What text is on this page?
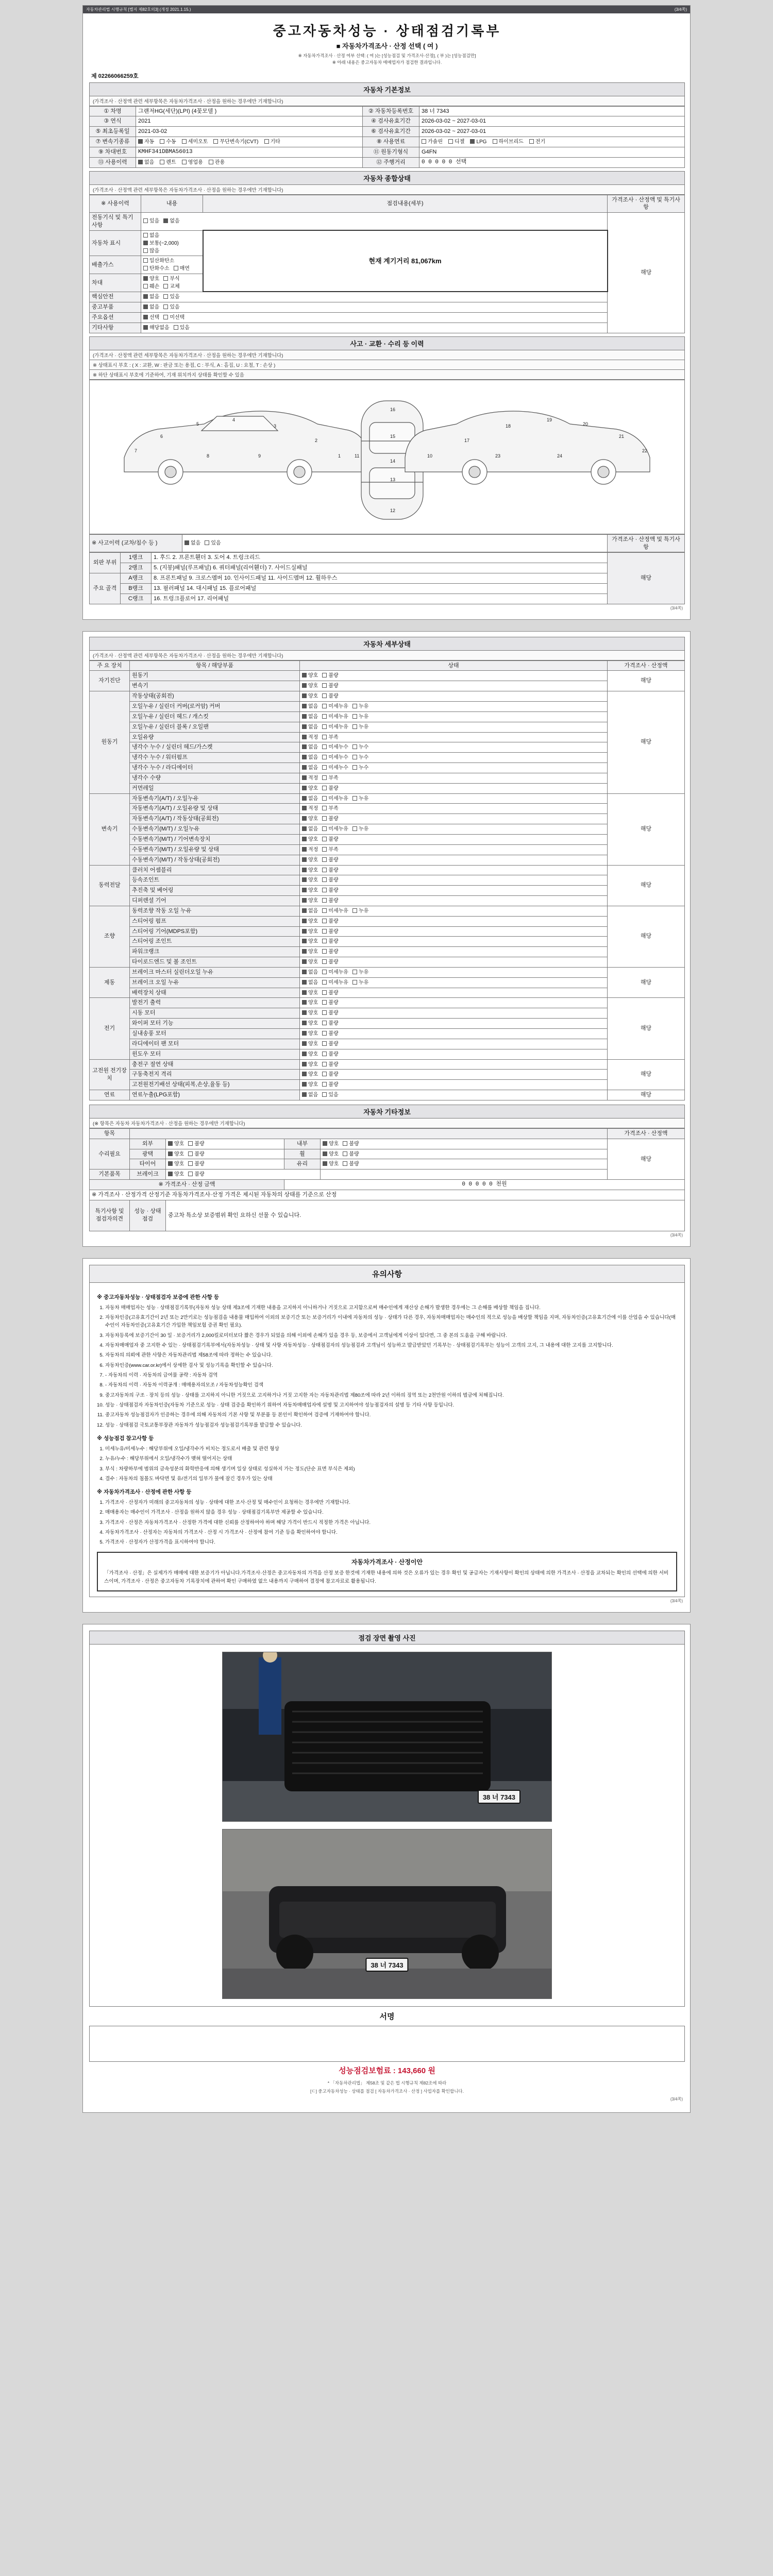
자동차관리법 시행규칙 [별지 제82호의3] (개정 2021.1.15.)	(3/4쪽)
중고자동차성능 · 상태점검기록부
■ 자동차가격조사 · 산정 선택 ( 여 )
※ 자동차가격조사 · 산정 여부 선택: ( 여 )는 [성능점검 및 가격조사·산정], ( 부 )는 [성능점검만]
※ 아래 내용은 중고자동차 매매업자가 점검한 결과입니다.
제 02266066259호
자동차 기본정보
(가격조사 · 산정액 관련 세부항목은 자동차가격조사 · 산정을 원하는 경우에만 기재합니다)
① 차명	그랜저HG(세단)(LPI) (4꽃모델 )	② 자동차등록번호	38 너 7343
③ 연식	2021	④ 검사유효기간	2026-03-02 ~ 2027-03-01
⑤ 최초등록일	2021-03-02	⑥ 검사유효기간	2026-03-02 ~ 2027-03-01
⑦ 변속기종류	자동 수동 세미오토 무단변속기(CVT) 기타	⑧ 사용연료	가솔린 디젤 LPG 하이브리드 전기
⑨ 차대번호	KMHF341DBMA56013	⑪ 원동기형식	G4FN
⑬ 사용이력	없음 렌트 영업용 관용	⑫ 주행거리	0 0 0 0 0 선택
자동차 종합상태
(가격조사 · 산정액 관련 세부항목은 자동차가격조사 · 산정을 원하는 경우에만 기재합니다)
※ 사용이력	내용	점검내용(세부)	가격조사 · 산정액 및 특기사항
전동기식 및 특기사항	있음 없음		해당
자동차 표시	없음보통(~2,000)많음	현재 계기거리 81,067km	
배출가스	일산화탄소탄화수소 매연		
차대	양호 부식훼손 교체		
핵심안전	없음 있음		
중고부품	없음 있음		
주요옵션	선택 미선택		
기타사항	해당없음 있음		
사고 · 교환 · 수리 등 이력
(가격조사 · 산정액 관련 세부항목은 자동차가격조사 · 산정을 원하는 경우에만 기재합니다)
※ 상태표시 부호 : ( X : 교환, W : 판금 또는 용접, C : 부식, A : 흠집, U : 요철, T : 손상 )
※ 하단 상태표시 부호에 기준하여, 기재 위치까지 상태를 확인할 수 있음
7
6
5
4
3
2
1
8	9
16
15
14
13
12
11	10
17
18
19
20
21
22
23	24
※ 사고이력 (교차/침수 등 )	없음 있음	가격조사 · 산정액 및 특기사항
외판 부위	1랭크	1. 후드 2. 프론트휀더 3. 도어 4. 트렁크리드	해당
	2랭크	5. (지붕)패널(루프패널) 6. 쿼터패널(리어휀더) 7. 사이드실패널	
주요 골격	A랭크	8. 프론트패널 9. 크로스멤버 10. 인사이드패널 11. 사이드멤버 12. 휠하우스	
	B랭크	13. 필러패널 14. 대시패널 15. 플로어패널	
	C랭크	16. 트렁크플로어 17. 리어패널	
(3/4쪽)
자동차 세부상태
(가격조사 · 산정액 관련 세부항목은 자동차가격조사 · 산정을 원하는 경우에만 기재합니다)
주 요 장치	항목 / 해당부품	상태	가격조사 · 산정액
자기진단	원동기	양호 불량	해당
	변속기	양호 불량	
원동기	작동상태(공회전)	양호 불량	해당
	오일누유 / 실린더 커버(로커암) 커버	없음 미세누유 누유	
	오일누유 / 실린더 헤드 / 개스킷	없음 미세누유 누유	
	오일누유 / 실린더 블록 / 오일팬	없음 미세누유 누유	
	오일유량	적정 부족	
	냉각수 누수 / 실린더 헤드/가스켓	없음 미세누수 누수	
	냉각수 누수 / 워터펌프	없음 미세누수 누수	
	냉각수 누수 / 라디에이터	없음 미세누수 누수	
	냉각수 수량	적정 부족	
	커먼레일	양호 불량	
변속기	자동변속기(A/T) / 오일누유	없음 미세누유 누유	해당
	자동변속기(A/T) / 오일유량 및 상태	적정 부족	
	자동변속기(A/T) / 작동상태(공회전)	양호 불량	
	수동변속기(M/T) / 오일누유	없음 미세누유 누유	
	수동변속기(M/T) / 기어변속장치	양호 불량	
	수동변속기(M/T) / 오일유량 및 상태	적정 부족	
	수동변속기(M/T) / 작동상태(공회전)	양호 불량	
동력전달	클러치 어셈블리	양호 불량	해당
	등속조인트	양호 불량	
	추진축 및 베어링	양호 불량	
	디퍼렌셜 기어	양호 불량	
조향	동력조향 작동 오일 누유	없음 미세누유 누유	해당
	스티어링 펌프	양호 불량	
	스티어링 기어(MDPS포함)	양호 불량	
	스티어링 조인트	양호 불량	
	파워크랭크	양호 불량	
	타이로드엔드 및 볼 조인트	양호 불량	
제동	브레이크 마스터 실린더오일 누유	없음 미세누유 누유	해당
	브레이크 오일 누유	없음 미세누유 누유	
	배력장치 상태	양호 불량	
전기	발전기 출력	양호 불량	해당
	시동 모터	양호 불량	
	와이퍼 모터 기능	양호 불량	
	실내송풍 모터	양호 불량	
	라디에이터 팬 모터	양호 불량	
	윈도우 모터	양호 불량	
고전원 전기장치	충전구 절연 상태	양호 불량	해당
	구동축전지 격리	양호 불량	
	고전원전기배선 상태(피복,손상,율동 등)	양호 불량	
연료	연료누출(LPG포함)	없음 있음	해당
자동차 기타정보
(※ 항목은 자동차 자동차가격조사 · 산정을 원하는 경우에만 기재합니다)
항목					가격조사 · 산정액
수리필요	외부	양호 불량	내부	양호 불량	해당
	광택	양호 불량	휠	양호 불량	
	타이어	양호 불량	유리	양호 불량	
기본품목	브레이크	양호 불량			
※ 가격조사 · 산정 금액			0 0 0 0 0 천원		
※ 가격조사 · 산정가격 산정기준 자동차가격조사·산정 가격은 제시된 자동차의 상태를 기준으로 산정					
특기사항 및 점검자의견	성능 · 상태점검	중고차 특소상 보증범위 확인 요하신 선물 수 있습니다.			
(3/4쪽)
유의사항
※ 중고자동차성능 · 상태점검자 보증에 관한 사항 등
1. 자동차 매매업자는 성능 · 상태점검기록부(자동차 성능 상태 제3조에 기재한 내용을 고지하지 아니하거나 거짓으로 고지함으로써 매수인에게 재산상 손해가 발생한 경우에는 그 손해를 배상할 책임을 집니다.
2. 자동차인증(고유효기간이 2년 또는 2만키로는 성능점검을 내용물 매입하여 이외의 보증기간 또는 보증거리가 이내에 자동차의 성능 · 상태가 다른 경우, 자동차매매업자는 매수인의 적으로 성능을 배상할 책임을 지며, 자동차인증(고유효기간에 이를 산업을 수 있습니다(매수인이 자동차인증(고유효기간 가입한 책임보험 증권 확인 필요).
3. 자동차등록에 보증기간이 30 일 · 보증거리가 2,000킬로미터보다 짧은 경우가 되었을 의해 이외에 손해가 있을 경우 등, 보증에서 고객님에게 이상이 있다면, 그 중 본의 도움을 구해 바랍니다.
4. 자동차매매업자 중 고지한 수 있는 · 상태점검기록부에서(자동차성능 · 상태 및 사항 자동차성능 · 상태점검자의 성능점검과 고객님이 성능하고 발급받았던 기록부는 · 상태점검기록부는 성능이 고객의 고지, 그 내용에 대한 고지를 고지합니다.
5. 자동차의 의뢰에 관한 사항은 자동차관리법 제58조에 따라 정하는 수 있습니다.
6. 자동차인증(www.car.or.kr)에서 상세한 검사 및 성능기록을 확인할 수 있습니다.
7. - 자동차의 이력 · 자동차의 급여물 공략 : 자동차 검역
8. - 자동차의 이력 · 자동차 이력공개 : 매매용자의모조 / 자동차성능확인 검색
9. 중고자동차의 구조 · 장치 등의 성능 · 상태를 고지하지 아니한 거짓으로 고지하거나 거짓 고지한 자는 자동차관리법 제80조에 따라 2년 이하의 징역 또는 2천만원 이하의 벌금에 처해집니다.
10. 성능 · 상태점검자 자동차인증(자동차 기준으로 성능 · 상태 검증을 확인하기 위하여 자동차매매업자에 설명 및 고지하여야 성능점검자의 설명 등 기타 사항 등입니다.
11. 중고자동차 성능점검자가 인증하는 경우에 의해 자동차의 기본 사항 및 부분품 등 본인이 확인하여 검증에 기재하여야 합니다.
12. 성능 · 상태점검 국토교통부장관 자동차가 성능점검자 성능점검기록부를 발급할 수 있습니다.
※ 성능점검 참고사항 등
1. 미세누유/미세누수 : 해당부위에 오일/냉각수가 비치는 정도로서 배출 및 관련 형상
2. 누유/누수 : 해당부위에서 오일/냉각수가 맺혀 떨어지는 상태
3. 부식 : 차량하부에 범위의 금속성분의 화학반응에 의해 생기며 일상 상태로 성실하지 가는 정도(단순 표면 부식은 제외)
4. 결수 : 자동차의 침몰도 바닥면 및 유/전기의 일부가 물에 잠긴 경우가 있는 상태
※ 자동차가격조사 · 산정에 관한 사항 등
1. 가격조사 · 산정자가 미래의 중고자동차의 성능 · 상태에 대한 조사·산정 및 매수인이 요청하는 경우에만 기재합니다.
2. 매매용자는 매수인이 가격조사 · 산정을 원하지 않을 경우 성능 · 상태점검기록부만 제공할 수 있습니다.
3. 가격조사 · 산정은 자동차가격조사 · 산정한 가격에 대한 신뢰를 산정하여야 하며 해당 가격이 반드시 적정한 가격은 아닙니다.
4. 자동차가격조사 · 산정자는 자동차의 가격조사 · 산정 시 가격조사 · 산정에 참여 기준 등을 확인하여야 합니다.
5. 가격조사 · 산정자가 산정가격을 표시하여야 합니다.
자동차가격조사 · 산정이안
「가격조사 · 산정」은 실제가가 매매에 대한 보증기가 아닙니다.가격조사·산정은 중고자동차의 가격을 산정 보증 한것에 기재한 내용에 의하 것은 오류가 있는 경우 확인 및 공급자는 기재사항이 확인의 상태에 의한 가격조사 · 산정을 교차되는 확인의 선택에 의한 서비스이며, 가격조사 · 산정은 중고자동차 기록장치에 관하여 확인 구매하였 없으 내용까지 구매하여 결정에 참고자료로 활용됩니다.
(3/4쪽)
점검 장면 촬영 사진
38 너 7343
38 너 7343
서명
성능점검보험료 : 143,660 원
* 「자동차관리법」 제58조 및 같은 법 시행규칙 제82조에 따라
[ㄷ] 중고자동차성능 · 상태를 점검 [ 자동차가격조사 · 산정 ] 사업자를 확인합니다.
(3/4쪽)
